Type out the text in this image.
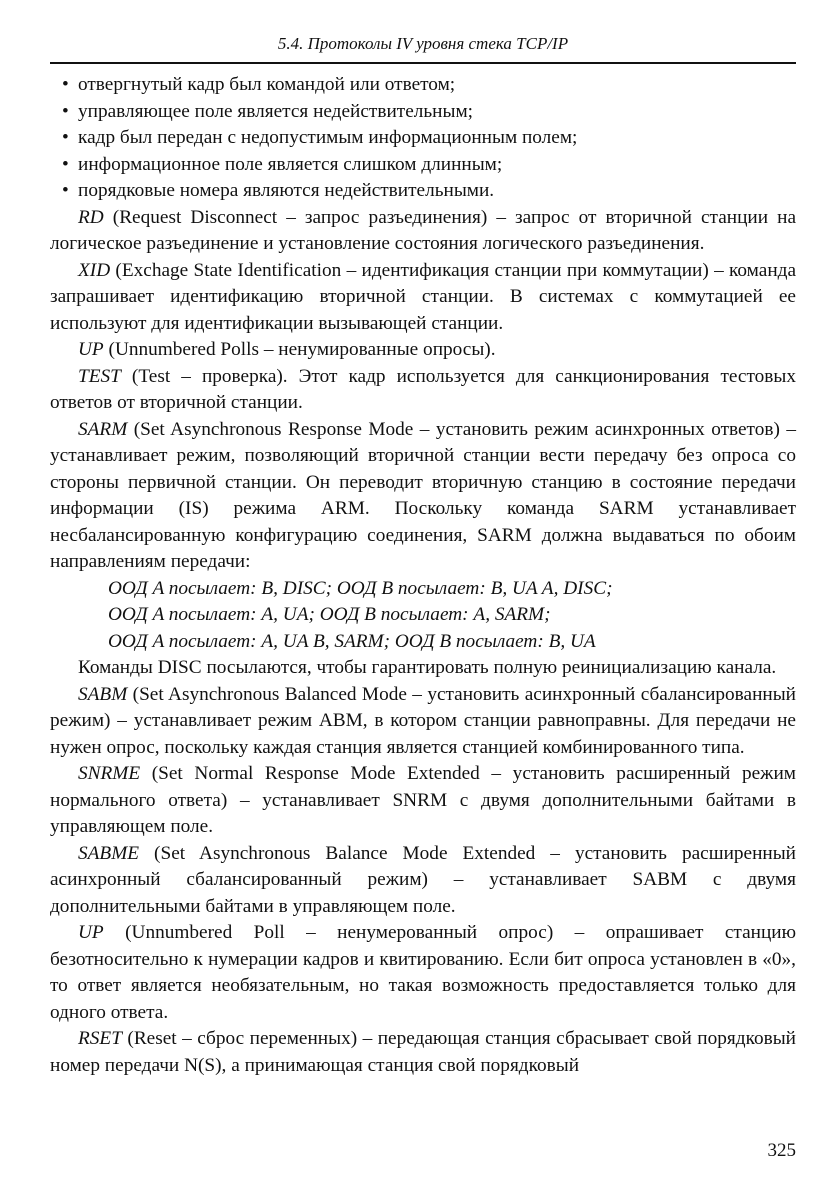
5.4. Протоколы IV уровня стека TCP/IP
• отвергнутый кадр был командой или ответом;
• управляющее поле является недействительным;
• кадр был передан с недопустимым информационным полем;
• информационное поле является слишком длинным;
• порядковые номера являются недействительными.

RD (Request Disconnect – запрос разъединения) – запрос от вторичной станции на логическое разъединение и установление состояния логического разъединения.

XID (Exchage State Identification – идентификация станции при коммутации) – команда запрашивает идентификацию вторичной станции. В системах с коммутацией ее используют для идентификации вызывающей станции.

UP (Unnumbered Polls – ненумированные опросы).

TEST (Test – проверка). Этот кадр используется для санкционирования тестовых ответов от вторичной станции.

SARM (Set Asynchronous Response Mode – установить режим асинхронных ответов) – устанавливает режим, позволяющий вторичной станции вести передачу без опроса со стороны первичной станции. Он переводит вторичную станцию в состояние передачи информации (IS) режима ARM. Поскольку команда SARM устанавливает несбалансированную конфигурацию соединения, SARM должна выдаваться по обоим направлениям передачи:

ООД A посылает: B, DISC; ООД B посылает: B, UA A, DISC;
ООД A посылает: A, UA; ООД B посылает: A, SARM;
ООД A посылает: A, UA B, SARM; ООД B посылает: B, UA

Команды DISC посылаются, чтобы гарантировать полную реинициализацию канала.

SABM (Set Asynchronous Balanced Mode – установить асинхронный сбалансированный режим) – устанавливает режим ABM, в котором станции равноправны. Для передачи не нужен опрос, поскольку каждая станция является станцией комбинированного типа.

SNRME (Set Normal Response Mode Extended – установить расширенный режим нормального ответа) – устанавливает SNRM с двумя дополнительными байтами в управляющем поле.

SABME (Set Asynchronous Balance Mode Extended – установить расширенный асинхронный сбалансированный режим) – устанавливает SABM с двумя дополнительными байтами в управляющем поле.

UP (Unnumbered Poll – ненумерованный опрос) – опрашивает станцию безотносительно к нумерации кадров и квитированию. Если бит опроса установлен в «0», то ответ является необязательным, но такая возможность предоставляется только для одного ответа.

RSET (Reset – сброс переменных) – передающая станция сбрасывает свой порядковый номер передачи N(S), а принимающая станция свой порядковый

325
